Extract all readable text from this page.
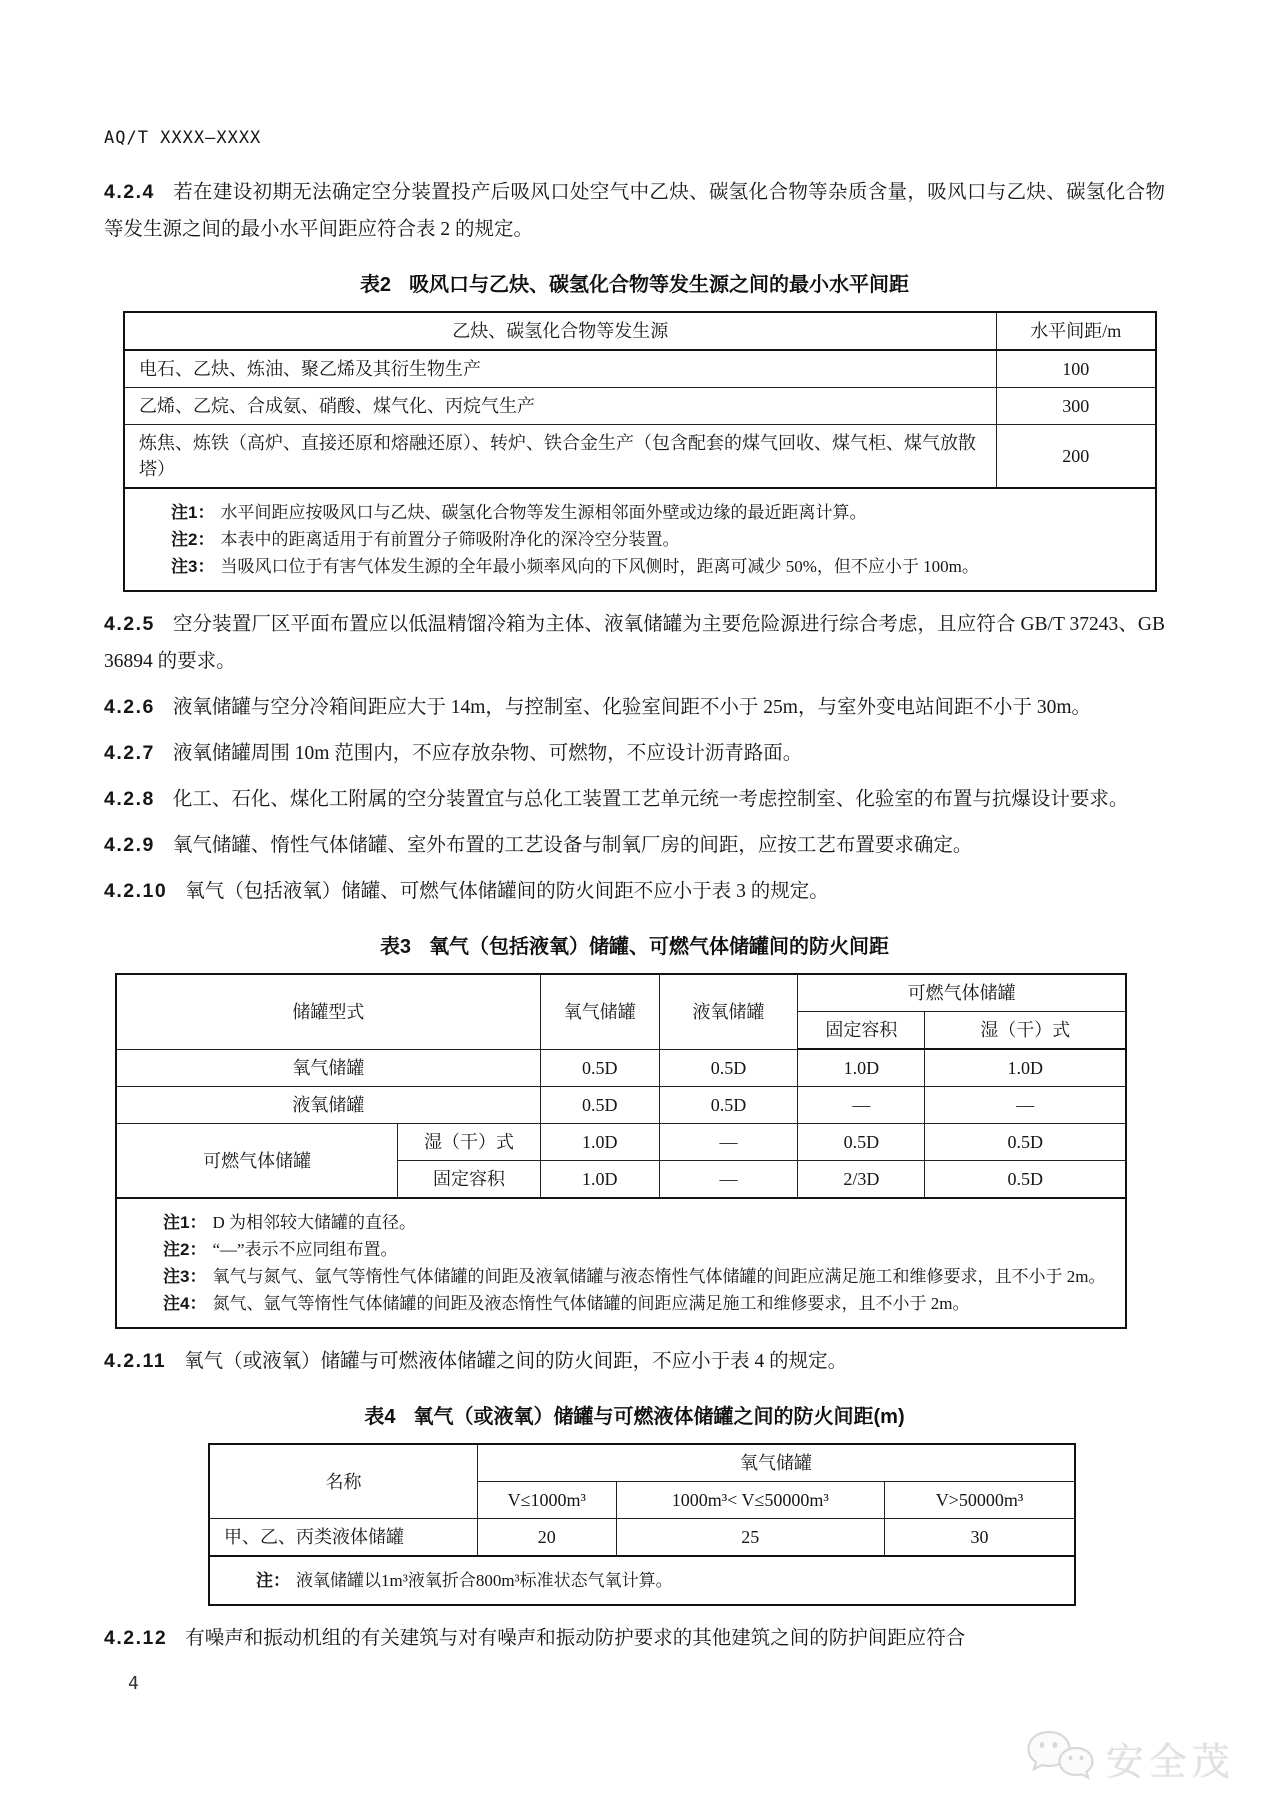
AQ/T XXXX—XXXX

4.2.4 若在建设初期无法确定空分装置投产后吸风口处空气中乙炔、碳氢化合物等杂质含量，吸风口与乙炔、碳氢化合物等发生源之间的最小水平间距应符合表 2 的规定。

表2 吸风口与乙炔、碳氢化合物等发生源之间的最小水平间距
乙炔、碳氢化合物等发生源	水平间距/m
电石、乙炔、炼油、聚乙烯及其衍生物生产	100
乙烯、乙烷、合成氨、硝酸、煤气化、丙烷气生产	300
炼焦、炼铁（高炉、直接还原和熔融还原）、转炉、铁合金生产（包含配套的煤气回收、煤气柜、煤气放散塔）	200

注1： 水平间距应按吸风口与乙炔、碳氢化合物等发生源相邻面外壁或边缘的最近距离计算。
注2： 本表中的距离适用于有前置分子筛吸附净化的深冷空分装置。
注3： 当吸风口位于有害气体发生源的全年最小频率风向的下风侧时，距离可减少 50%，但不应小于 100m。

4.2.5 空分装置厂区平面布置应以低温精馏冷箱为主体、液氧储罐为主要危险源进行综合考虑，且应符合 GB/T 37243、GB 36894 的要求。

4.2.6 液氧储罐与空分冷箱间距应大于 14m，与控制室、化验室间距不小于 25m，与室外变电站间距不小于 30m。

4.2.7 液氧储罐周围 10m 范围内，不应存放杂物、可燃物，不应设计沥青路面。

4.2.8 化工、石化、煤化工附属的空分装置宜与总化工装置工艺单元统一考虑控制室、化验室的布置与抗爆设计要求。

4.2.9 氧气储罐、惰性气体储罐、室外布置的工艺设备与制氧厂房的间距，应按工艺布置要求确定。

4.2.10 氧气（包括液氧）储罐、可燃气体储罐间的防火间距不应小于表 3 的规定。

表3 氧气（包括液氧）储罐、可燃气体储罐间的防火间距
储罐型式		氧气储罐	液氧储罐	可燃气体储罐	
				固定容积	湿（干）式
氧气储罐		0.5D	0.5D	1.0D	1.0D
液氧储罐		0.5D	0.5D	—	—
可燃气体储罐	湿（干）式	1.0D	—	0.5D	0.5D
	固定容积	1.0D	—	2/3D	0.5D

注1： D 为相邻较大储罐的直径。
注2： “—”表示不应同组布置。
注3： 氧气与氮气、氩气等惰性气体储罐的间距及液氧储罐与液态惰性气体储罐的间距应满足施工和维修要求，且不小于 2m。
注4： 氮气、氩气等惰性气体储罐的间距及液态惰性气体储罐的间距应满足施工和维修要求，且不小于 2m。

4.2.11 氧气（或液氧）储罐与可燃液体储罐之间的防火间距，不应小于表 4 的规定。

表4 氧气（或液氧）储罐与可燃液体储罐之间的防火间距(m)
名称	氧气储罐		
	V≤1000m³	1000m³< V≤50000m³	V>50000m³
甲、乙、丙类液体储罐	20	25	30

注： 液氧储罐以1m³液氧折合800m³标准状态气氧计算。			

4.2.12 有噪声和振动机组的有关建筑与对有噪声和振动防护要求的其他建筑之间的防护间距应符合

4
安全茂
